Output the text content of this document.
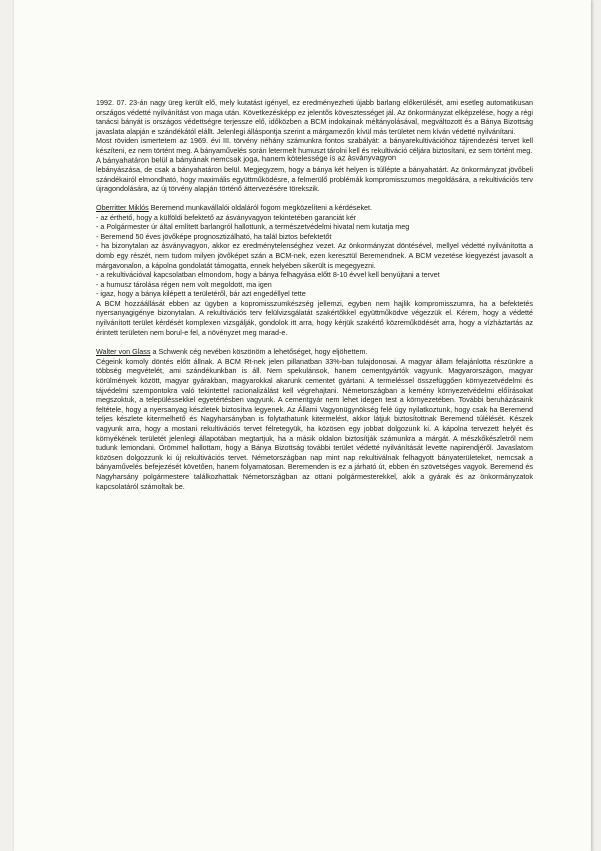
1992. 07. 23-án nagy üreg került elő, mely kutatást igényel, ez eredményezheti újabb barlang előkerülését, ami esetleg automatikusan országos védetté nyilvánítást von maga után. Következésképp ez jelentős kövesztességet jál. Az önkormányzat elképzelése, hogy a régi tanácsi bányát is országos védettségre terjessze elő, időközben a BCM indokainak méltányolásával, megváltozott és a Bánya Bizottság javaslata alapján e szándékától elállt. Jelenlegi álláspontja szerint a márgamezőn kívül más területet nem kíván védetté nyilvánítani.

Most röviden ismertetem az 1969. évi III. törvény néhány számunkra fontos szabályát: a bányarekultivációhoz tájrendezési tervet kell készíteni, ez nem történt meg. A bányaművelés során letermelt humuszt tárolni kell és rekultiváció céljára biztosítani, ez sem történt meg.

A bányahatáron belül a bányának nemcsak joga, hanem kötelessége is az ásványvagyon

lebányászása, de csak a bányahatáron belül. Megjegyzem, hogy a bánya két helyen is túllépte a bányahatárt. Az önkormányzat jövőbeli szándékairól elmondható, hogy maximális együttműködésre, a felmerülő problémák kompromisszumos megoldására, a rekultivációs terv újragondolására, az új törvény alapján történő áttervezésére törekszik.

Oberritter Miklós Beremend munkavállalói oldaláról fogom megközelíteni a kérdéseket.

- az érthető, hogy a külföldi befektető az ásványvagyon tekintetében garanciát kér

- a Polgármester úr által említett barlangról hallottunk, a természetvédelmi hivatal nem kutatja meg

- Beremend 50 éves jövőképe prognosztizálható, ha talál biztos befektetőt

- ha bizonytalan az ásványvagyon, akkor ez eredménytelenséghez vezet. Az önkormányzat döntésével, mellyel védetté nyilvánította a domb egy részét, nem tudom milyen jövőképet szán a BCM-nek, ezen keresztül Beremendnek. A BCM vezetése kiegyezést javasolt a márgavonalon, a kápolna gondolatát támogatta, ennek helyében sikerült is megegyezni.

- a rekultivációval kapcsolatban elmondom, hogy a bánya felhagyása előtt 8-10 évvel kell benyújtani a tervet

- a humusz tárolása régen nem volt megoldott, ma igen

- igaz, hogy a bánya kilépett a területéről, bár azt engedéllyel tette

A BCM hozzáállását ebben az ügyben a kopromisszumkészség jellemzi, egyben nem hajlik kompromisszumra, ha a befektetés nyersanyagigénye bizonytalan. A rekultivációs terv felülvizsgálatát szakértőkkel együttműködve végezzük el. Kérem, hogy a védetté nyilvánított terület kérdését komplexen vizsgálják, gondolok itt arra, hogy kérjük szakértő közreműködését arra, hogy a vízháztartás az érintett területen nem borul-e fel, a növényzet meg marad-e.

Walter von Glass a Schwenk cég nevében köszönöm a lehetőséget, hogy eljöhettem.

Cégeink komoly döntés előtt állnak. A BCM Rt-nek jelen pillanatban 33%-ban tulajdonosai. A magyar állam felajánlotta részünkre a többség megvételét, ami szándékunkban is áll. Nem spekulánsok, hanem cementgyártók vagyunk. Magyarországon, magyar körülmények között, magyar gyárakban, magyarokkal akarunk cementet gyártani. A termeléssel összefüggően környezetvédelmi és tájvédelmi szempontokra való tekintettel racionalizálást kell végrehajtani. Németországban a kemény környezetvédelmi előírásokat megszoktuk, a településsekkel egyetértésben vagyunk. A cementgyár nem lehet idegen test a környezetében. További beruházásaink feltétele, hogy a nyersanyag készletek biztosítva legyenek. Az Állami Vagyonügynökség felé úgy nyilatkoztunk, hogy csak ha Beremend teljes készlete kitermelhető és Nagyharsányban is folytathatunk kitermelést, akkor látjuk biztosítottnak Beremend túlélését. Készek vagyunk arra, hogy a mostani rekultivációs tervet félretegyük, ha közösen egy jobbat dolgozunk ki. A kápolna tervezett helyét és környékének területét jelenlegi állapotában megtartjuk, ha a másik oldalon biztosítják számunkra a márgát. A mészkőkészletről nem tudunk lemondani. Örömmel hallottam, hogy a Bánya Bizottság további terület védetté nyilvánítását levette napirendjéről. Javaslatom közösen dolgozzunk ki új rekultivációs tervet. Németországban nap mint nap rekultiválnak felhagyott bányaterületeket, nemcsak a bányaművelés befejezését követően, hanem folyamatosan. Beremenden is ez a járható út, ebben én szövetséges vagyok. Beremend és Nagyharsány polgármestere találkozhattak Németországban az ottani polgármesterekkel, akik a gyárak és az önkormányzatok kapcsolatáról számoltak be.
